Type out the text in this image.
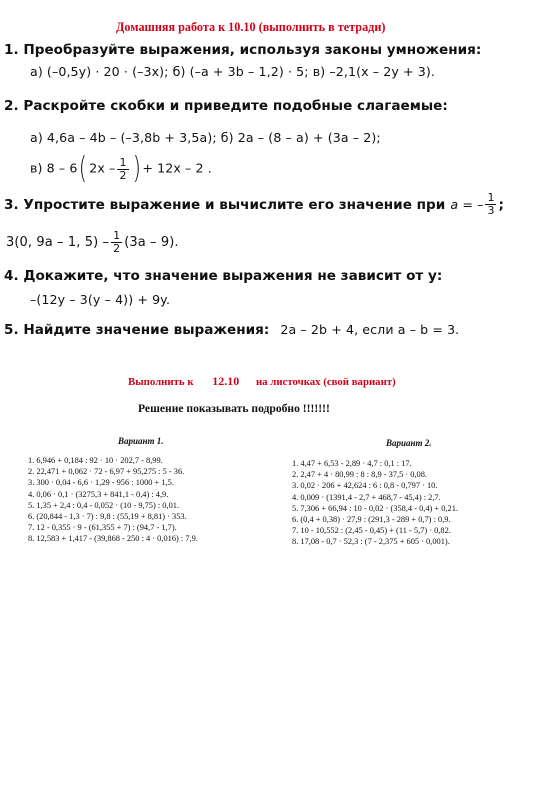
Домашняя работа к 10.10 (выполнить в тетради)
1. Преобразуйте выражения, используя законы умножения:
а) (–0,5y) · 20 · (–3x); б) (–a + 3b – 1,2) · 5; в) –2,1(x – 2y + 3).
2. Раскройте скобки и приведите подобные слагаемые:
а) 4,6a – 4b – (–3,8b + 3,5a); б) 2a – (8 – a) + (3a – 2);
в) 8 – 6( $2x - \frac{1}{2}$ ) + 12x – 2 .
3. Упростите выражение и вычислите его значение при a = – $\frac{1}{3}$ ;
3(0, 9a – 1, $5) - \frac{1}{2} (3a - 9)$.
4. Докажите, что значение выражения не зависит от y:
–(12y – 3(y – 4)) + 9y.
5. Найдите значение выражения: 2a – 2b + 4, если a – b = 3.
Выполнить к 12.10 на листочках (свой вариант)
Решение показывать подробно !!!!!!!
Вариант 1.
1. 6,946 + 0,184 : 92 · 10 · 202,7 - 8,99.
2. 22,471 + 0,062 · 72 - 6,97 + 95,275 : 5 - 36.
3. 300 · 0,04 - 6,6 · 1,29 - 956 : 1000 + 1,5.
4. 0,06 · 0,1 · (3275,3 + 841,1 - 0,4) : 4,9.
5. 1,35 + 2,4 : 0,4 - 0,052 · (10 - 9,75) : 0,01.
6. (20,844 - 1,3 · 7) : 9,8 : (55,19 + 8,81) · 353.
7. 12 - 0,355 · 9 - (61,355 + 7) : (94,7 - 1,7).
8. 12,583 + 1,417 - (39,868 - 250 : 4 · 0,016) : 7,9.
Вариант 2.
1. 4,47 + 6,53 - 2,89 · 4,7 : 0,1 : 17.
2. 2,47 + 4 · 80,99 : 8 : 8,9 - 37,5 · 0,08.
3. 0,02 · 206 + 42,624 : 6 : 0,8 - 0,797 · 10.
4. 0,009 · (1391,4 - 2,7 + 468,7 - 45,4) : 2,7.
5. 7,306 + 66,94 : 10 - 0,02 · (358,4 - 0,4) + 0,21.
6. (0,4 + 0,38) · 27,9 : (291,3 - 289 + 0,7) : 0,9.
7. 10 - 10,552 : (2,45 - 0,45) + (11 - 5,7) · 0,82.
8. 17,08 - 0,7 · 52,3 : (7 - 2,375 + 605 · 0,001).
